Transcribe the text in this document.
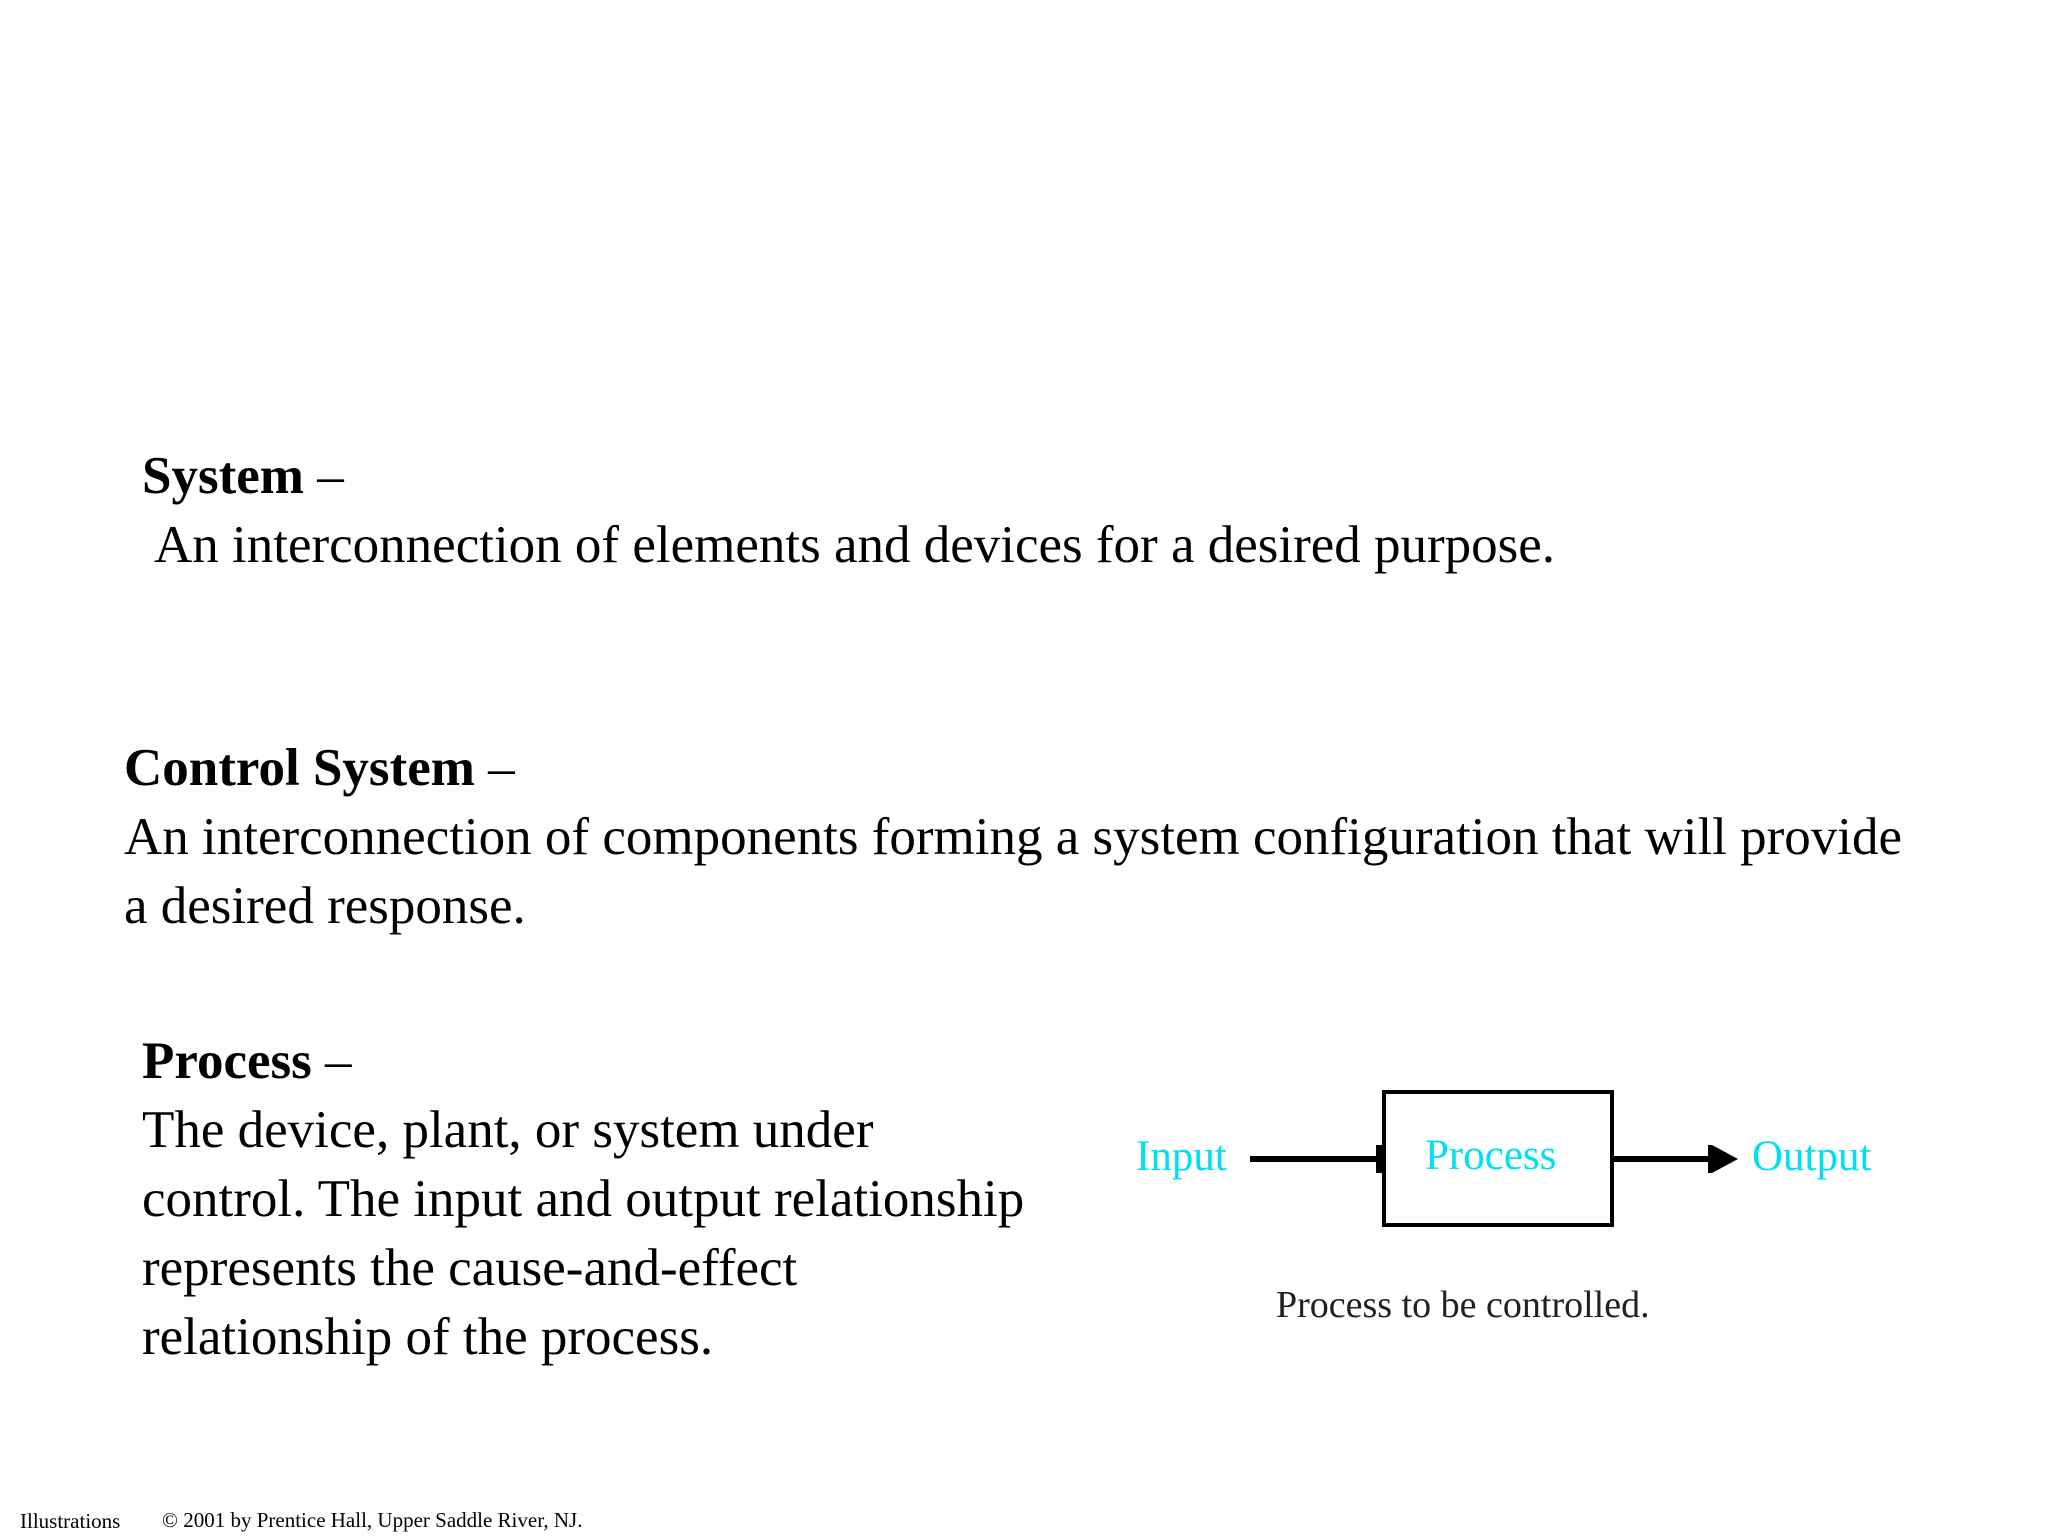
System –
An interconnection of elements and devices for a desired purpose.
Control System –
An interconnection of components forming a system configuration that will provide a desired response.
Process –
The device, plant, or system under control. The input and output relationship represents the cause-and-effect relationship of the process.
Input	Process	Output
Process to be controlled.
Illustrations © 2001 by Prentice Hall, Upper Saddle River, NJ.
